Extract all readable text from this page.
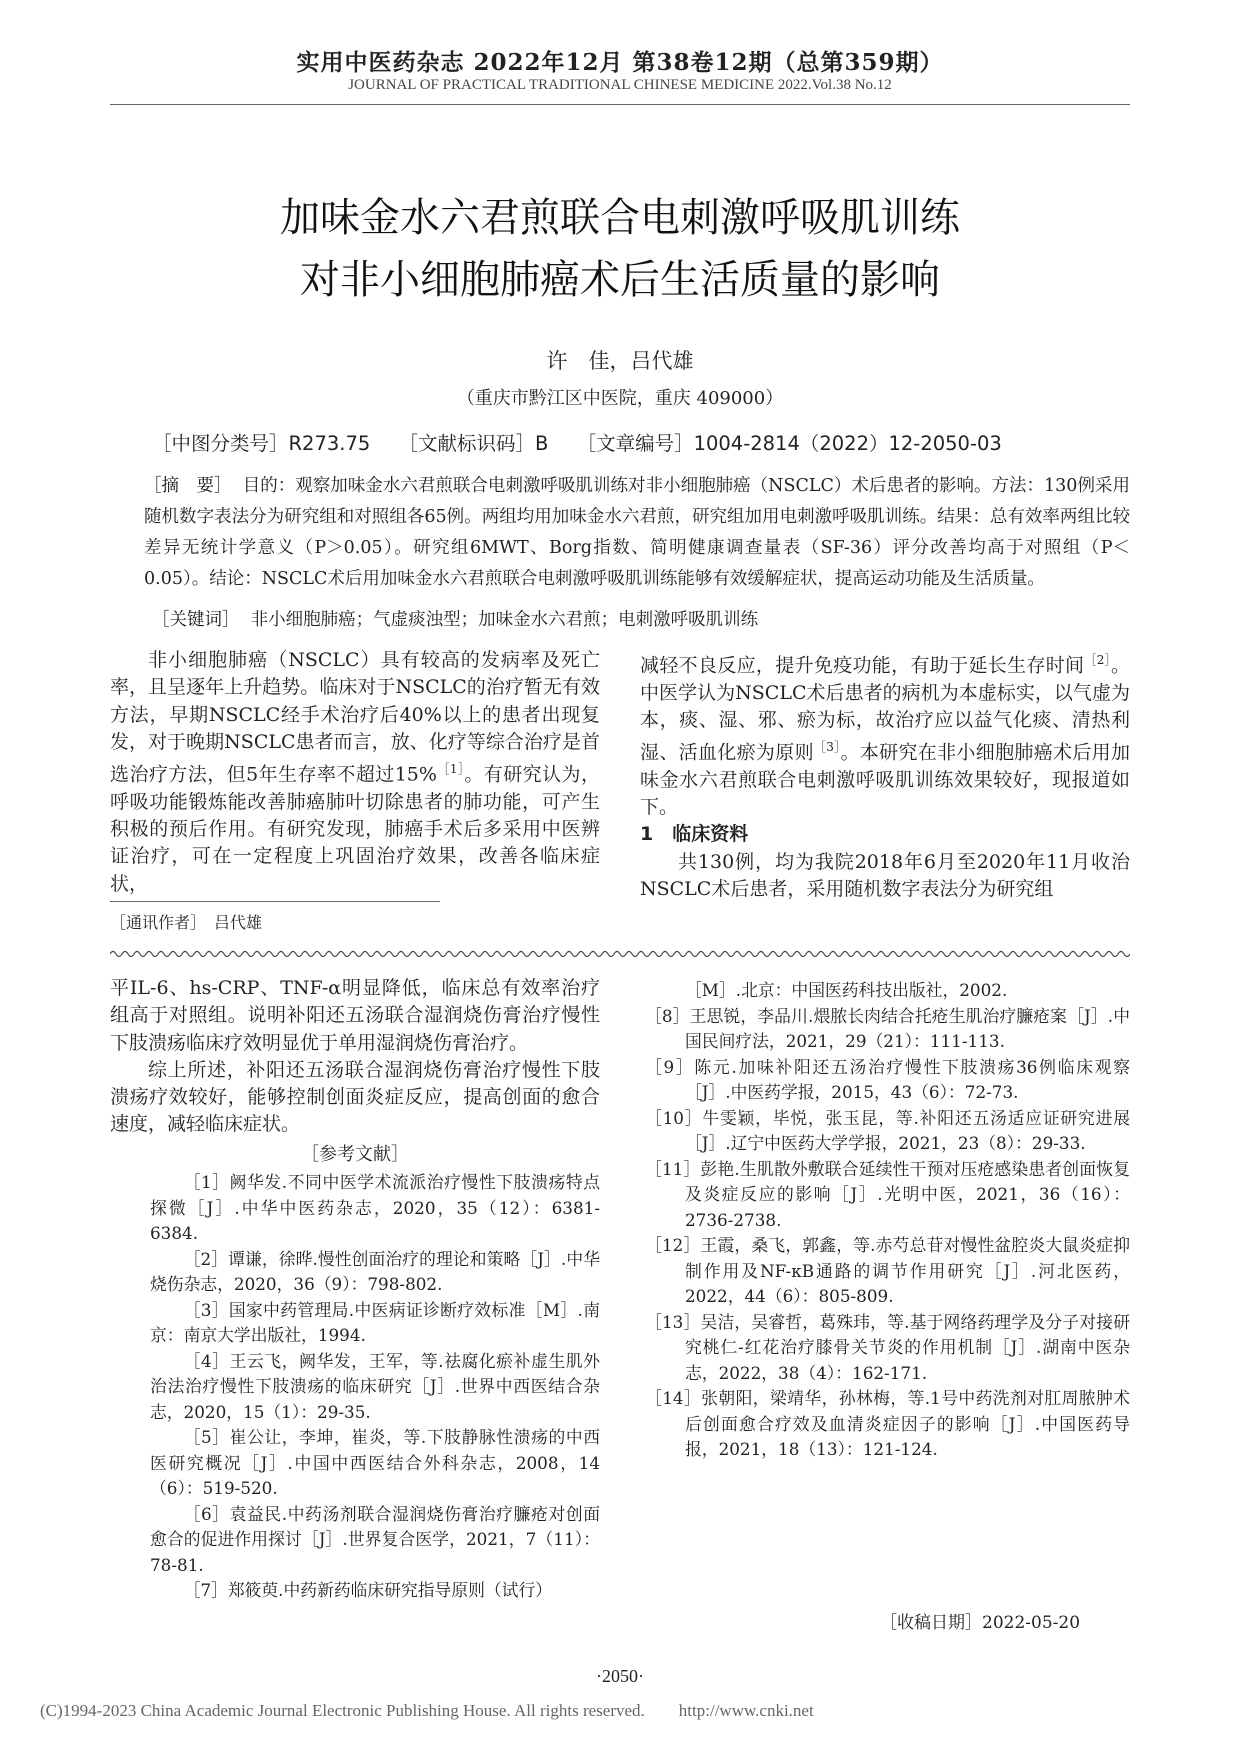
实用中医药杂志 2022年12月 第38卷12期（总第359期）
JOURNAL OF PRACTICAL TRADITIONAL CHINESE MEDICINE 2022.Vol.38 No.12
加味金水六君煎联合电刺激呼吸肌训练
对非小细胞肺癌术后生活质量的影响
许　佳，吕代雄
（重庆市黔江区中医院，重庆 409000）
［中图分类号］R273.75 ［文献标识码］B ［文章编号］1004-2814（2022）12-2050-03
［摘　要］ 目的：观察加味金水六君煎联合电刺激呼吸肌训练对非小细胞肺癌（NSCLC）术后患者的影响。方法：130例采用随机数字表法分为研究组和对照组各65例。两组均用加味金水六君煎，研究组加用电刺激呼吸肌训练。结果：总有效率两组比较差异无统计学意义（P＞0.05）。研究组6MWT、Borg指数、简明健康调查量表（SF-36）评分改善均高于对照组（P＜0.05）。结论：NSCLC术后用加味金水六君煎联合电刺激呼吸肌训练能够有效缓解症状，提高运动功能及生活质量。
［关键词］ 非小细胞肺癌；气虚痰浊型；加味金水六君煎；电刺激呼吸肌训练

非小细胞肺癌（NSCLC）具有较高的发病率及死亡率，且呈逐年上升趋势。临床对于NSCLC的治疗暂无有效方法，早期NSCLC经手术治疗后40%以上的患者出现复发，对于晚期NSCLC患者而言，放、化疗等综合治疗是首选治疗方法，但5年生存率不超过15%$^{[1]}$。有研究认为，呼吸功能锻炼能改善肺癌肺叶切除患者的肺功能，可产生积极的预后作用。有研究发现，肺癌手术后多采用中医辨证治疗，可在一定程度上巩固治疗效果，改善各临床症状，

减轻不良反应，提升免疫功能，有助于延长生存时间$^{[2]}$。中医学认为NSCLC术后患者的病机为本虚标实，以气虚为本，痰、湿、邪、瘀为标，故治疗应以益气化痰、清热利湿、活血化瘀为原则$^{[3]}$。本研究在非小细胞肺癌术后用加味金水六君煎联合电刺激呼吸肌训练效果较好，现报道如下。

1　临床资料

共130例，均为我院2018年6月至2020年11月收治NSCLC术后患者，采用随机数字表法分为研究组

［通讯作者］　吕代雄

平IL-6、hs-CRP、TNF-α明显降低，临床总有效率治疗组高于对照组。说明补阳还五汤联合湿润烧伤膏治疗慢性下肢溃疡临床疗效明显优于单用湿润烧伤膏治疗。

综上所述，补阳还五汤联合湿润烧伤膏治疗慢性下肢溃疡疗效较好，能够控制创面炎症反应，提高创面的愈合速度，减轻临床症状。

［参考文献］

［1］阙华发.不同中医学术流派治疗慢性下肢溃疡特点探微［J］.中华中医药杂志，2020，35（12）：6381-6384.

［2］谭谦，徐晔.慢性创面治疗的理论和策略［J］.中华烧伤杂志，2020，36（9）：798-802.

［3］国家中药管理局.中医病证诊断疗效标准［M］.南京：南京大学出版社，1994.

［4］王云飞，阙华发，王军，等.祛腐化瘀补虚生肌外治法治疗慢性下肢溃疡的临床研究［J］.世界中西医结合杂志，2020，15（1）：29-35.

［5］崔公让，李坤，崔炎，等.下肢静脉性溃疡的中西医研究概况［J］.中国中西医结合外科杂志，2008，14（6）：519-520.

［6］袁益民.中药汤剂联合湿润烧伤膏治疗臁疮对创面愈合的促进作用探讨［J］.世界复合医学，2021，7（11）：78-81.

［7］郑筱萸.中药新药临床研究指导原则（试行）

［M］.北京：中国医药科技出版社，2002.

［8］王思锐，李品川.煨脓长肉结合托疮生肌治疗臁疮案［J］.中国民间疗法，2021，29（21）：111-113.

［9］陈元.加味补阳还五汤治疗慢性下肢溃疡36例临床观察［J］.中医药学报，2015，43（6）：72-73.

［10］牛雯颖，毕悦，张玉昆，等.补阳还五汤适应证研究进展［J］.辽宁中医药大学学报，2021，23（8）：29-33.

［11］彭艳.生肌散外敷联合延续性干预对压疮感染患者创面恢复及炎症反应的影响［J］.光明中医，2021，36（16）：2736-2738.

［12］王霞，桑飞，郭鑫，等.赤芍总苷对慢性盆腔炎大鼠炎症抑制作用及NF-κB通路的调节作用研究［J］.河北医药，2022，44（6）：805-809.

［13］吴洁，吴睿哲，葛殊玮，等.基于网络药理学及分子对接研究桃仁-红花治疗膝骨关节炎的作用机制［J］.湖南中医杂志，2022，38（4）：162-171.

［14］张朝阳，梁靖华，孙林梅，等.1号中药洗剂对肛周脓肿术后创面愈合疗效及血清炎症因子的影响［J］.中国医药导报，2021，18（13）：121-124.

［收稿日期］2022-05-20
·2050·
(C)1994-2023 China Academic Journal Electronic Publishing House. All rights reserved.　　http://www.cnki.net
